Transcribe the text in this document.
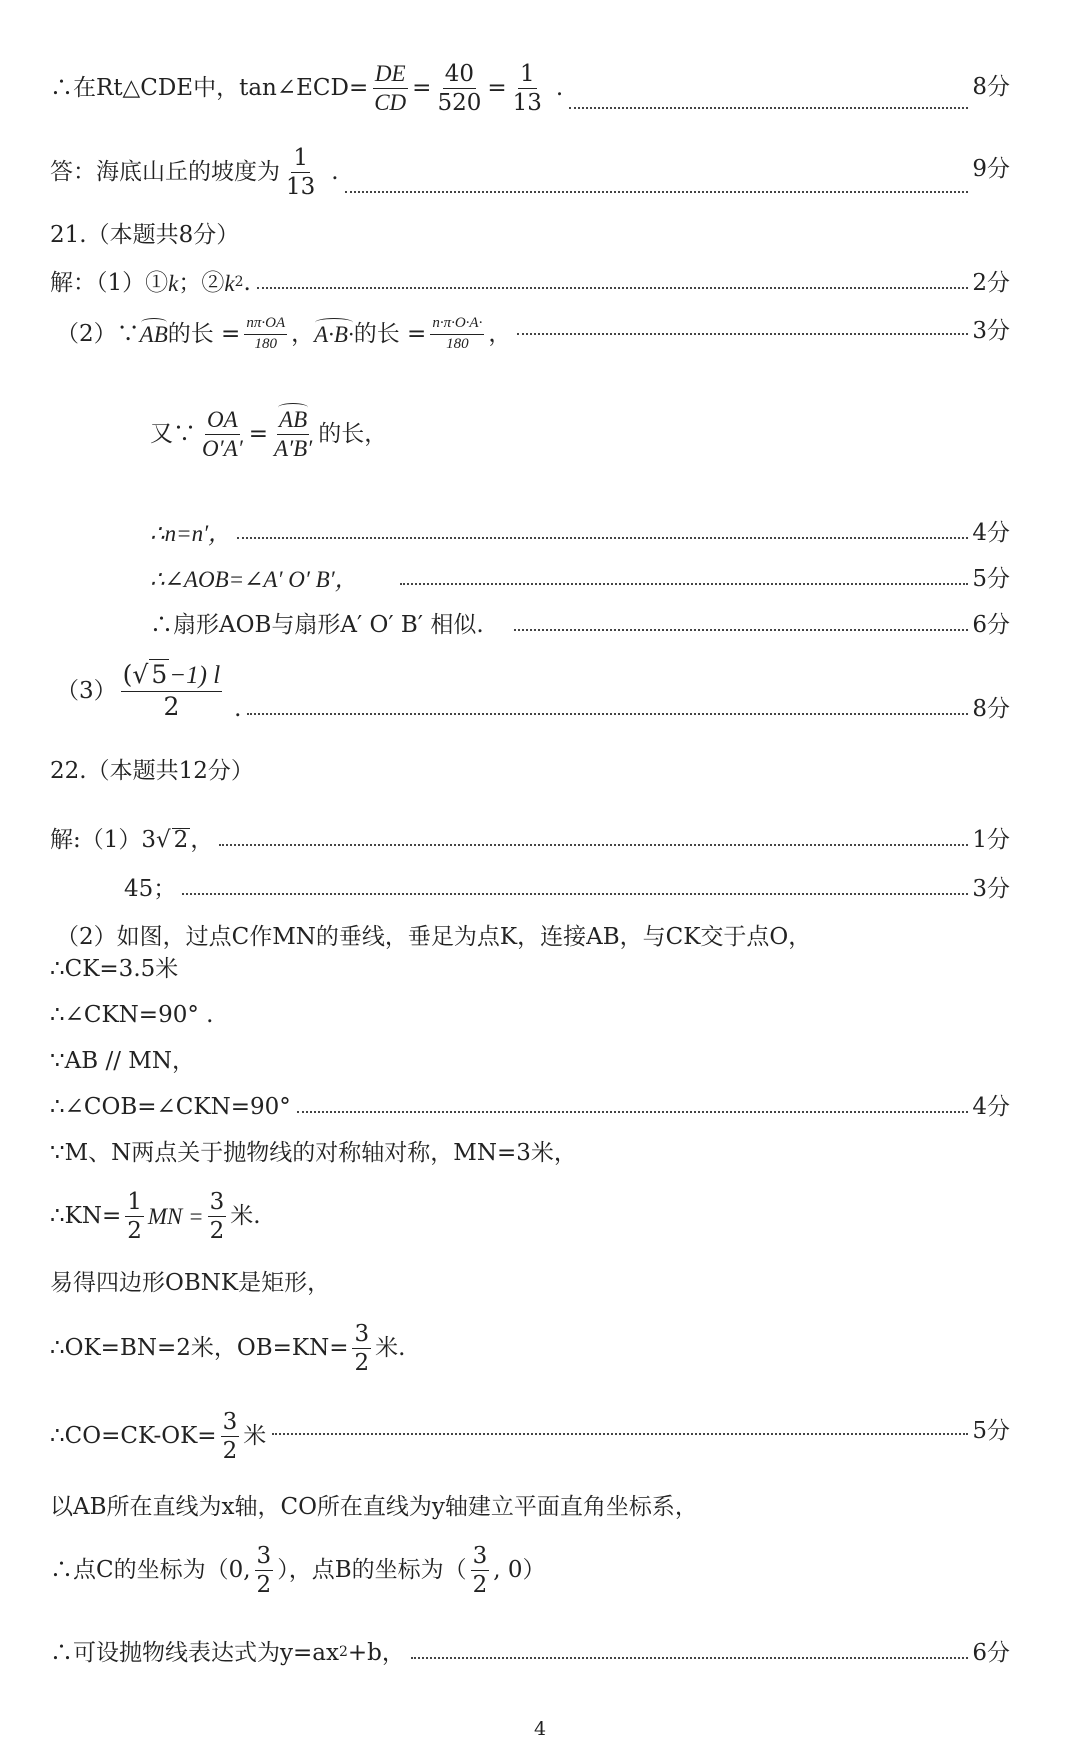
∴在Rt△CDE中，tan∠ECD= $\frac{DE}{CD} = \frac{40}{520} = \frac{1}{13}$ .	8分
答：海底山丘的坡度为 $\frac{1}{13}$ .	9分
21.（本题共8分）
解：（1）① k ；② $k^2$ .	2分
（2）∵ AB 的长 = $\frac{n\pi\cdot OA}{180}$ ， A·B· 的长 = $\frac{n\cdot\pi\cdot O\cdot A\cdot}{180}$ ，	3分
又∵ $\frac{OA}{O'A'} = \frac{AB}{A'B'}$ 的长，
∴n=n′，	4分
∴∠AOB=∠A′ O′ B′，	5分
∴扇形AOB与扇形A′ O′ B′ 相似.	6分
$(3) \frac{(√ 5-1) l}{2}$ .	8分
22.（本题共12分）
解:（1）3 √ 2 ，	1分
45；	3分
（2）如图，过点C作MN的垂线，垂足为点K，连接AB，与CK交于点O，
∴CK=3.5米
∴∠CKN=90° .
∵AB // MN，
∴∠COB=∠CKN=90°	4分
∵M、N两点关于抛物线的对称轴对称，MN=3米，
∴KN= $\frac{1}{2}$ MN = $\frac{3}{2}$ 米.
易得四边形OBNK是矩形，
∴OK=BN=2米，$OB=KN= \frac{3}{2}$ 米.
∴CO=CK-OK= $\frac{3}{2}$ 米	5分
以AB所在直线为x轴，CO所在直线为y轴建立平面直角坐标系，
∴点C的坐标为（0, $\frac{3}{2}$ ），点B的坐标为（ $\frac{3}{2}$ , 0）
∴可设抛物线表达式为$y=ax^2 +b$，	6分
4
